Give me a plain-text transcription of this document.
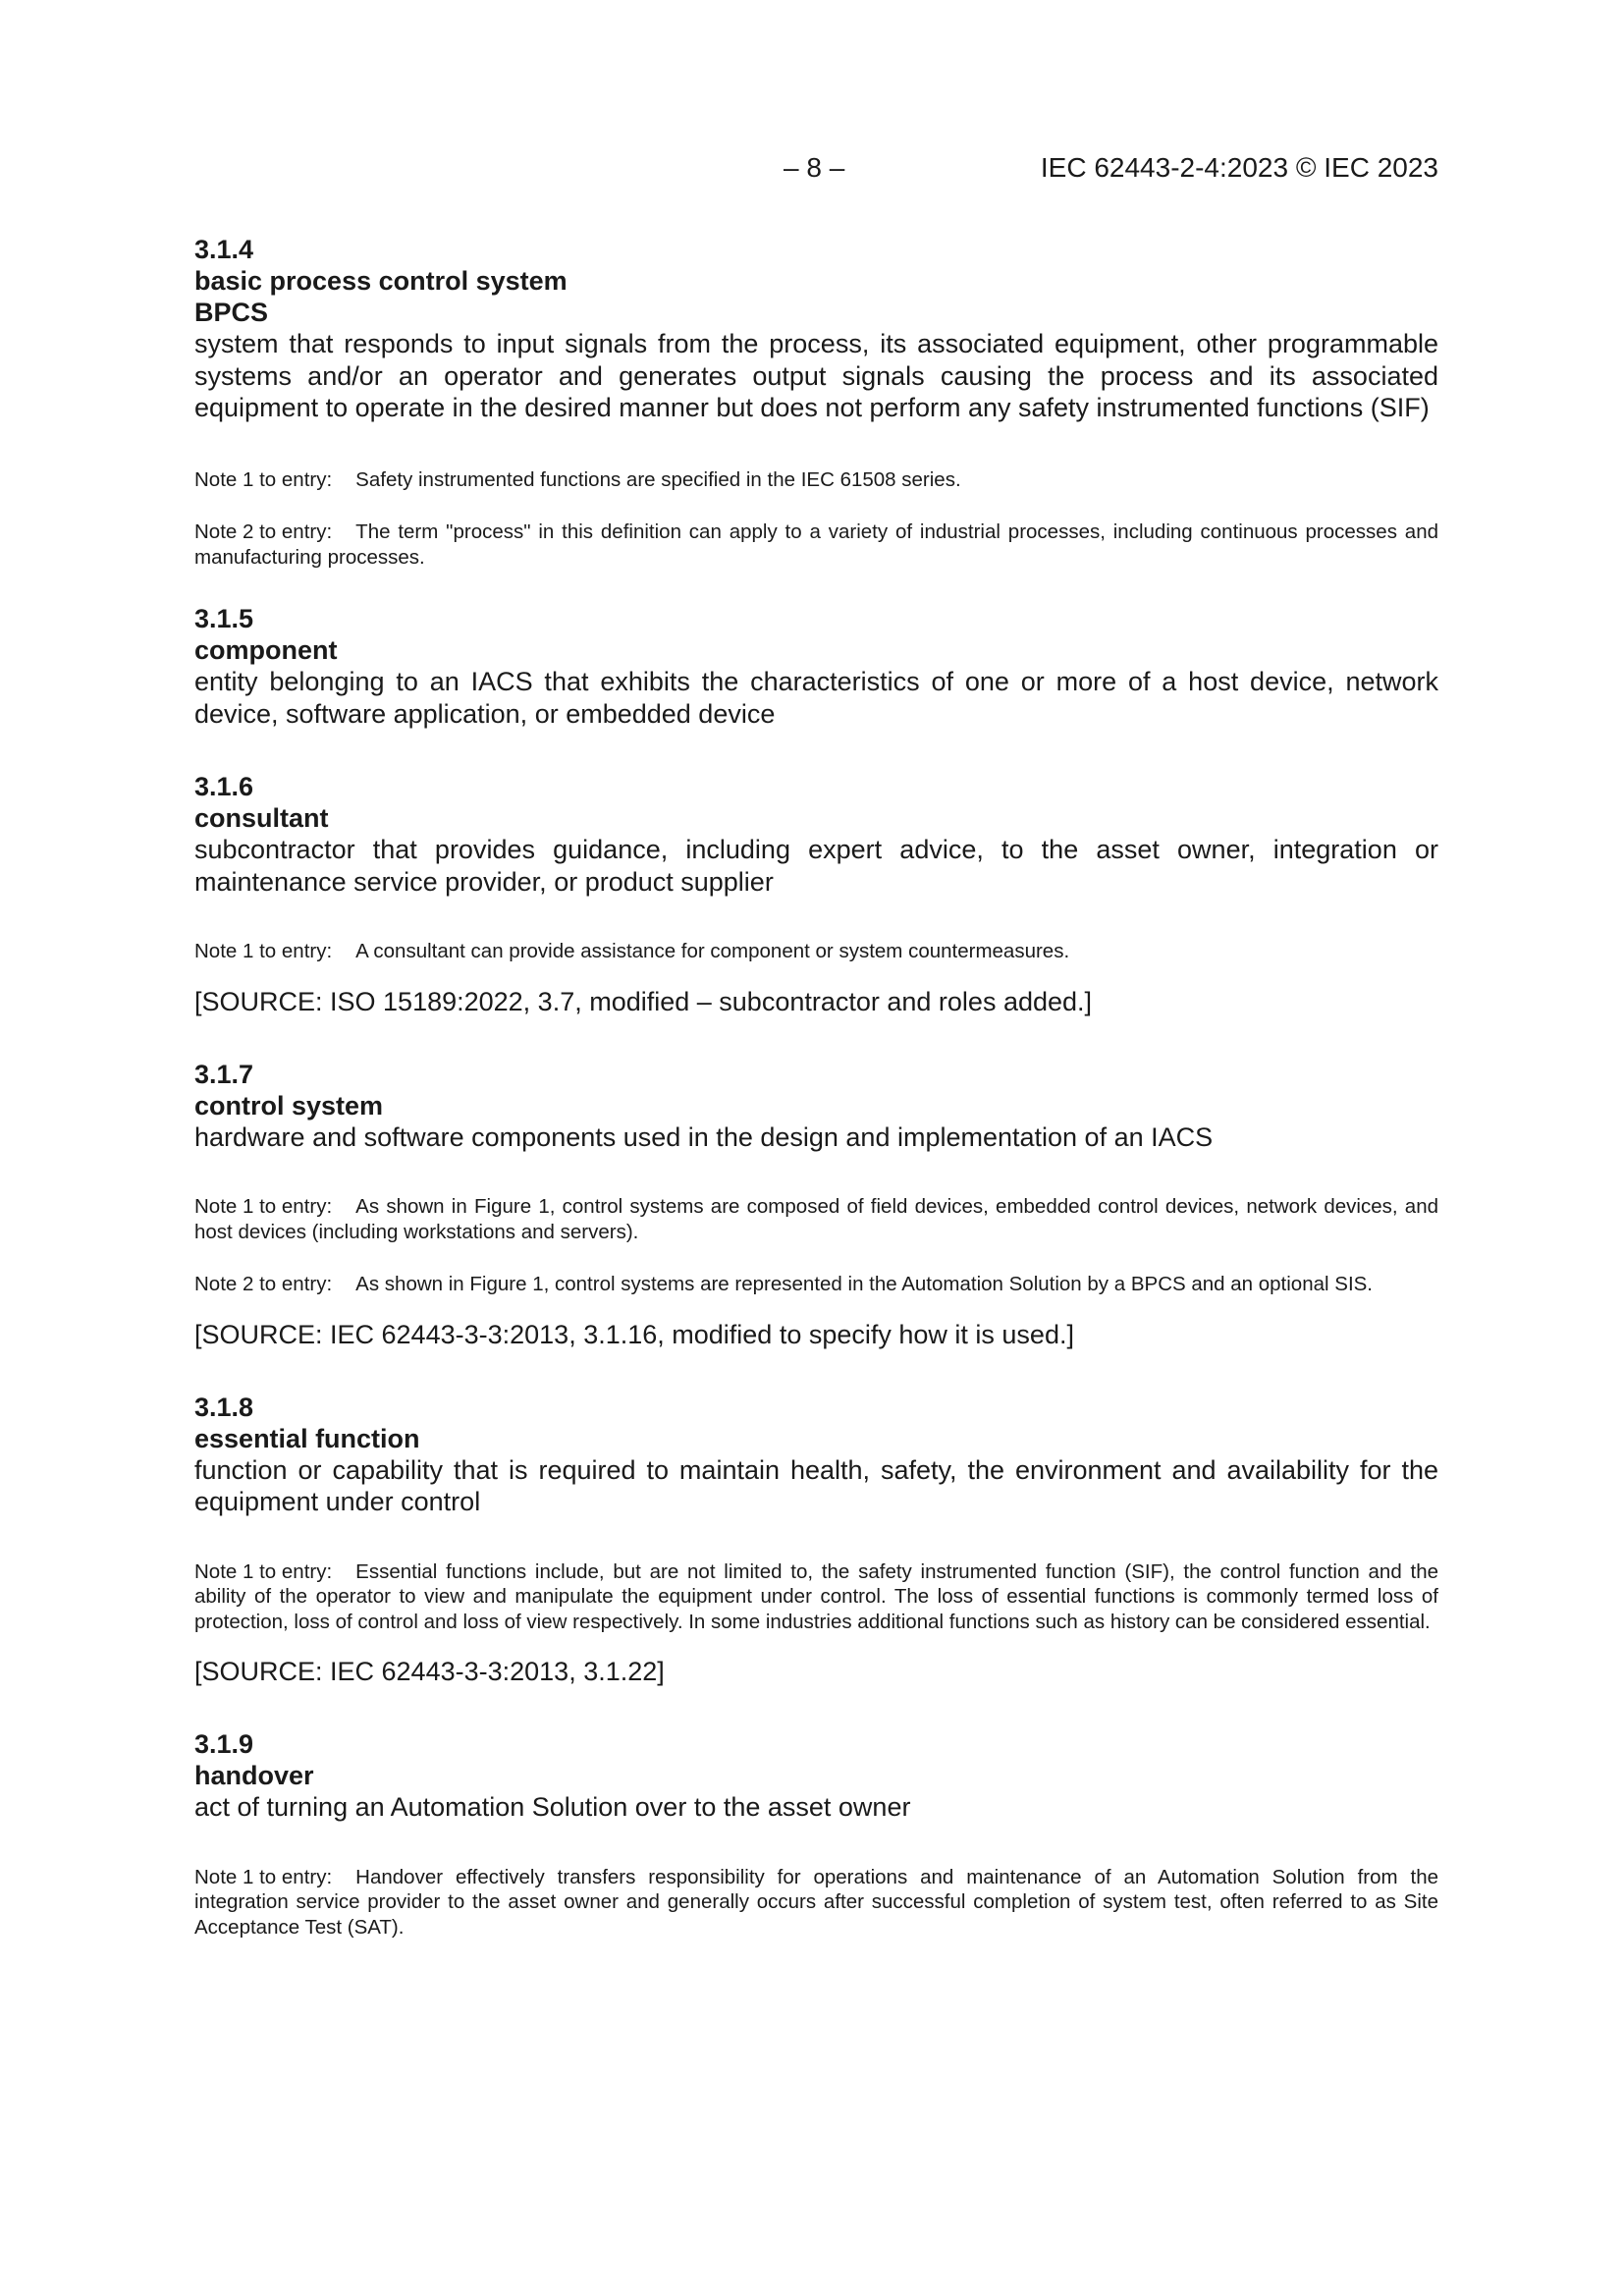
– 8 –	IEC 62443-2-4:2023 © IEC 2023

3.1.4

basic process control system

BPCS

system that responds to input signals from the process, its associated equipment, other programmable systems and/or an operator and generates output signals causing the process and its associated equipment to operate in the desired manner but does not perform any safety instrumented functions (SIF)

Note 1 to entry: Safety instrumented functions are specified in the IEC 61508 series.

Note 2 to entry: The term "process" in this definition can apply to a variety of industrial processes, including continuous processes and manufacturing processes.

3.1.5

component

entity belonging to an IACS that exhibits the characteristics of one or more of a host device, network device, software application, or embedded device

3.1.6

consultant

subcontractor that provides guidance, including expert advice, to the asset owner, integration or maintenance service provider, or product supplier

Note 1 to entry: A consultant can provide assistance for component or system countermeasures.

[SOURCE: ISO 15189:2022, 3.7, modified – subcontractor and roles added.]

3.1.7

control system

hardware and software components used in the design and implementation of an IACS

Note 1 to entry: As shown in Figure 1, control systems are composed of field devices, embedded control devices, network devices, and host devices (including workstations and servers).

Note 2 to entry: As shown in Figure 1, control systems are represented in the Automation Solution by a BPCS and an optional SIS.

[SOURCE: IEC 62443-3-3:2013, 3.1.16, modified to specify how it is used.]

3.1.8

essential function

function or capability that is required to maintain health, safety, the environment and availability for the equipment under control

Note 1 to entry: Essential functions include, but are not limited to, the safety instrumented function (SIF), the control function and the ability of the operator to view and manipulate the equipment under control. The loss of essential functions is commonly termed loss of protection, loss of control and loss of view respectively. In some industries additional functions such as history can be considered essential.

[SOURCE: IEC 62443-3-3:2013, 3.1.22]

3.1.9

handover

act of turning an Automation Solution over to the asset owner

Note 1 to entry: Handover effectively transfers responsibility for operations and maintenance of an Automation Solution from the integration service provider to the asset owner and generally occurs after successful completion of system test, often referred to as Site Acceptance Test (SAT).
